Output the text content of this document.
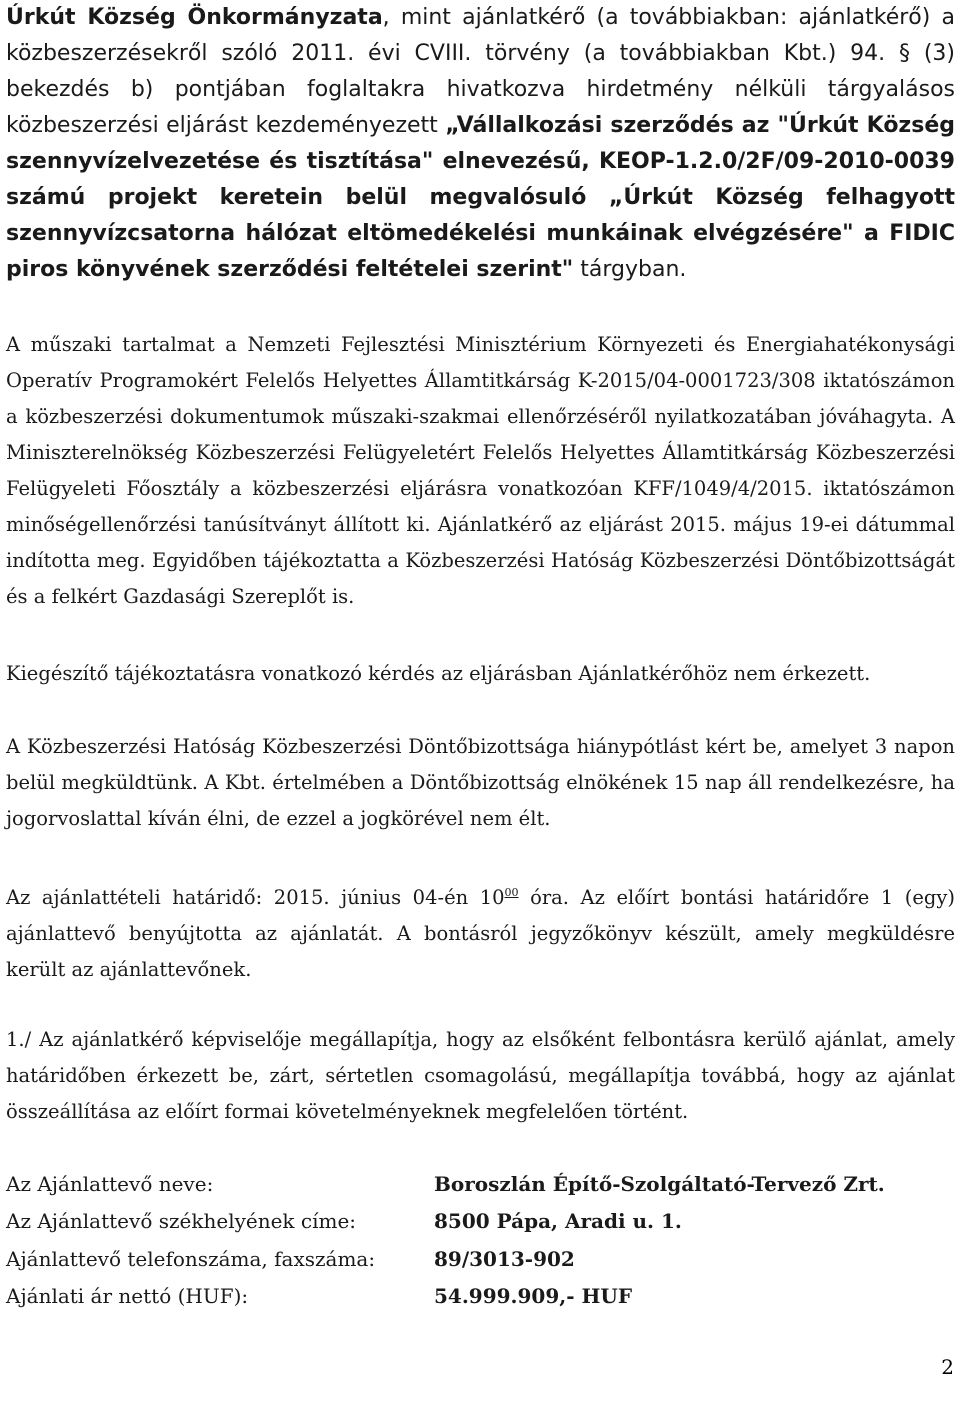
Úrkút Község Önkormányzata, mint ajánlatkérő (a továbbiakban: ajánlatkérő) a közbeszerzésekről szóló 2011. évi CVIII. törvény (a továbbiakban Kbt.) 94. § (3) bekezdés b) pontjában foglaltakra hivatkozva hirdetmény nélküli tárgyalásos közbeszerzési eljárást kezdeményezett „Vállalkozási szerződés az "Úrkút Község szennyvízelvezetése és tisztítása" elnevezésű, KEOP-1.2.0/2F/09-2010-0039 számú projekt keretein belül megvalósuló „Úrkút Község felhagyott szennyvízcsatorna hálózat eltömedékelési munkáinak elvégzésére" a FIDIC piros könyvének szerződési feltételei szerint" tárgyban.

A műszaki tartalmat a Nemzeti Fejlesztési Minisztérium Környezeti és Energiahatékonysági Operatív Programokért Felelős Helyettes Államtitkárság K-2015/04-0001723/308 iktatószámon a közbeszerzési dokumentumok műszaki-szakmai ellenőrzéséről nyilatkozatában jóváhagyta. A Miniszterelnökség Közbeszerzési Felügyeletért Felelős Helyettes Államtitkárság Közbeszerzési Felügyeleti Főosztály a közbeszerzési eljárásra vonatkozóan KFF/1049/4/2015. iktatószámon minőségellenőrzési tanúsítványt állított ki. Ajánlatkérő az eljárást 2015. május 19-ei dátummal indította meg. Egyidőben tájékoztatta a Közbeszerzési Hatóság Közbeszerzési Döntőbizottságát és a felkért Gazdasági Szereplőt is.

Kiegészítő tájékoztatásra vonatkozó kérdés az eljárásban Ajánlatkérőhöz nem érkezett.

A Közbeszerzési Hatóság Közbeszerzési Döntőbizottsága hiánypótlást kért be, amelyet 3 napon belül megküldtünk. A Kbt. értelmében a Döntőbizottság elnökének 15 nap áll rendelkezésre, ha jogorvoslattal kíván élni, de ezzel a jogkörével nem élt.

Az ajánlattételi határidő: 2015. június 04-én $10^{00}$ óra. Az előírt bontási határidőre 1 (egy) ajánlattevő benyújtotta az ajánlatát. A bontásról jegyzőkönyv készült, amely megküldésre került az ajánlattevőnek.

1./ Az ajánlatkérő képviselője megállapítja, hogy az elsőként felbontásra kerülő ajánlat, amely határidőben érkezett be, zárt, sértetlen csomagolású, megállapítja továbbá, hogy az ajánlat összeállítása az előírt formai követelményeknek megfelelően történt.

Az Ajánlattevő neve:	Boroszlán Építő-Szolgáltató-Tervező Zrt.
Az Ajánlattevő székhelyének címe:	8500 Pápa, Aradi u. 1.
Ajánlattevő telefonszáma, faxszáma:	89/3013-902
Ajánlati ár nettó (HUF):	54.999.909,- HUF
2
